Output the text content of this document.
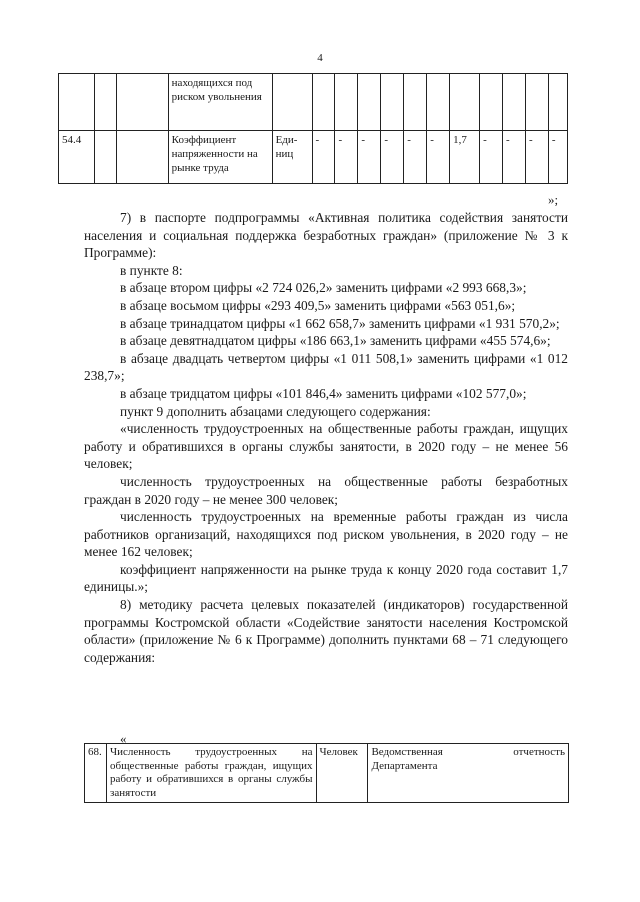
4
			находящихся под риском увольнения												
54.4			Коэффициент напряженности на рынке труда	Еди-ниц	-	-	-	-	-	-	1,7	-	-	-	-
»;

7) в паспорте подпрограммы «Активная политика содействия занятости населения и социальная поддержка безработных граждан» (приложение № 3 к Программе):

в пункте 8:

в абзаце втором цифры «2 724 026,2» заменить цифрами «2 993 668,3»;

в абзаце восьмом цифры «293 409,5» заменить цифрами «563 051,6»;

в абзаце тринадцатом цифры «1 662 658,7» заменить цифрами «1 931 570,2»;

в абзаце девятнадцатом цифры «186 663,1» заменить цифрами «455 574,6»;

в абзаце двадцать четвертом цифры «1 011 508,1» заменить цифрами «1 012 238,7»;

в абзаце тридцатом цифры «101 846,4» заменить цифрами «102 577,0»;

пункт 9 дополнить абзацами следующего содержания:

«численность трудоустроенных на общественные работы граждан, ищущих работу и обратившихся в органы службы занятости, в 2020 году – не менее 56 человек;

численность трудоустроенных на общественные работы безработных граждан в 2020 году – не менее 300 человек;

численность трудоустроенных на временные работы граждан из числа работников организаций, находящихся под риском увольнения, в 2020 году – не менее 162 человек;

коэффициент напряженности на рынке труда к концу 2020 года составит 1,7 единицы.»;

8) методику расчета целевых показателей (индикаторов) государственной программы Костромской области «Содействие занятости населения Костромской области» (приложение № 6 к Программе) дополнить пунктами 68 – 71 следующего содержания:

«
68.	Численность трудоустроенных на общественные работы граждан, ищущих работу и обратившихся в органы службы занятости	Человек	Ведомственная отчетность Департамента
